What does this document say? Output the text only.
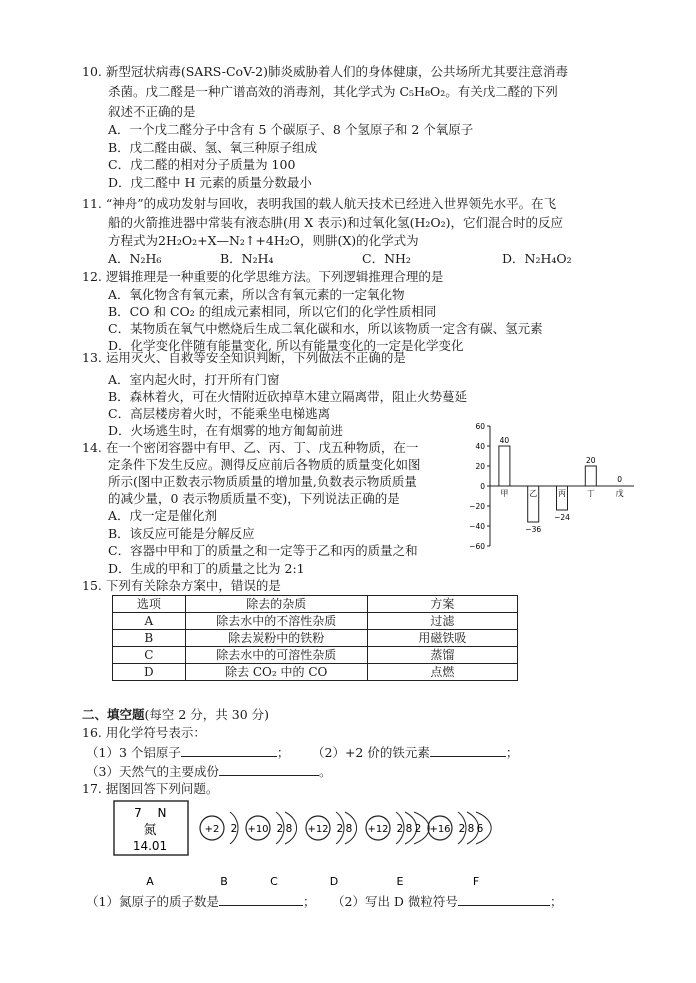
10. 新型冠状病毒(SARS-CoV-2)肺炎威胁着人们的身体健康，公共场所尤其要注意消毒
杀菌。戊二醛是一种广谱高效的消毒剂，其化学式为 C₅H₈O₂。有关戊二醛的下列
叙述不正确的是
A．一个戊二醛分子中含有 5 个碳原子、8 个氢原子和 2 个氧原子
B．戊二醛由碳、氢、氧三种原子组成
C．戊二醛的相对分子质量为 100
D．戊二醛中 H 元素的质量分数最小
11. “神舟”的成功发射与回收，表明我国的载人航天技术已经进入世界领先水平。在飞
船的火箭推进器中常装有液态肼(用 X 表示)和过氧化氢(H₂O₂)，它们混合时的反应
方程式为2H₂O₂+X—N₂↑+4H₂O，则肼(X)的化学式为
A．N₂H₆	B．N₂H₄	C．NH₂	D．N₂H₄O₂
12. 逻辑推理是一种重要的化学思维方法。下列逻辑推理合理的是
A．氧化物含有氧元素，所以含有氧元素的一定氧化物
B．CO 和 CO₂ 的组成元素相同，所以它们的化学性质相同
C．某物质在氧气中燃烧后生成二氧化碳和水，所以该物质一定含有碳、氢元素
D．化学变化伴随有能量变化, 所以有能量变化的一定是化学变化
13. 运用灭火、自救等安全知识判断，下列做法不正确的是
A．室内起火时，打开所有门窗
B．森林着火，可在火情附近砍掉草木建立隔离带，阻止火势蔓延
C．高层楼房着火时，不能乘坐电梯逃离
D．火场逃生时，在有烟雾的地方匍匐前进
14. 在一个密闭容器中有甲、乙、丙、丁、戊五种物质，在一
定条件下发生反应。测得反应前后各物质的质量变化如图
所示(图中正数表示物质质量的增加量,负数表示物质质量
的减少量，0 表示物质质量不变)，下列说法正确的是
A．戊一定是催化剂
B．该反应可能是分解反应
C．容器中甲和丁的质量之和一定等于乙和丙的质量之和
D．生成的甲和丁的质量之比为 2:1
60
40
20
0
−20
−40
−60
40
甲
−36
乙
−24
丙
20
丁
0
戊
15. 下列有关除杂方案中，错误的是
选项	除去的杂质	方案
A	除去水中的不溶性杂质	过滤
B	除去炭粉中的铁粉	用磁铁吸
C	除去水中的可溶性杂质	蒸馏
D	除去 CO₂ 中的 CO	点燃
二、填空题(每空 2 分，共 30 分)
16. 用化学符号表示：
（1）3 个铝原子	； （2）+2 价的铁元素	；
（3）天然气的主要成份	。
17. 据图回答下列问题。
7 N
氮
14.01
+2 2 +10 2 8 +12 2 8 +12 2 8 2 +16 2 8 6
A	B	C	D	E	F
（1）氮原子的质子数是	； （2）写出 D 微粒符号	；
